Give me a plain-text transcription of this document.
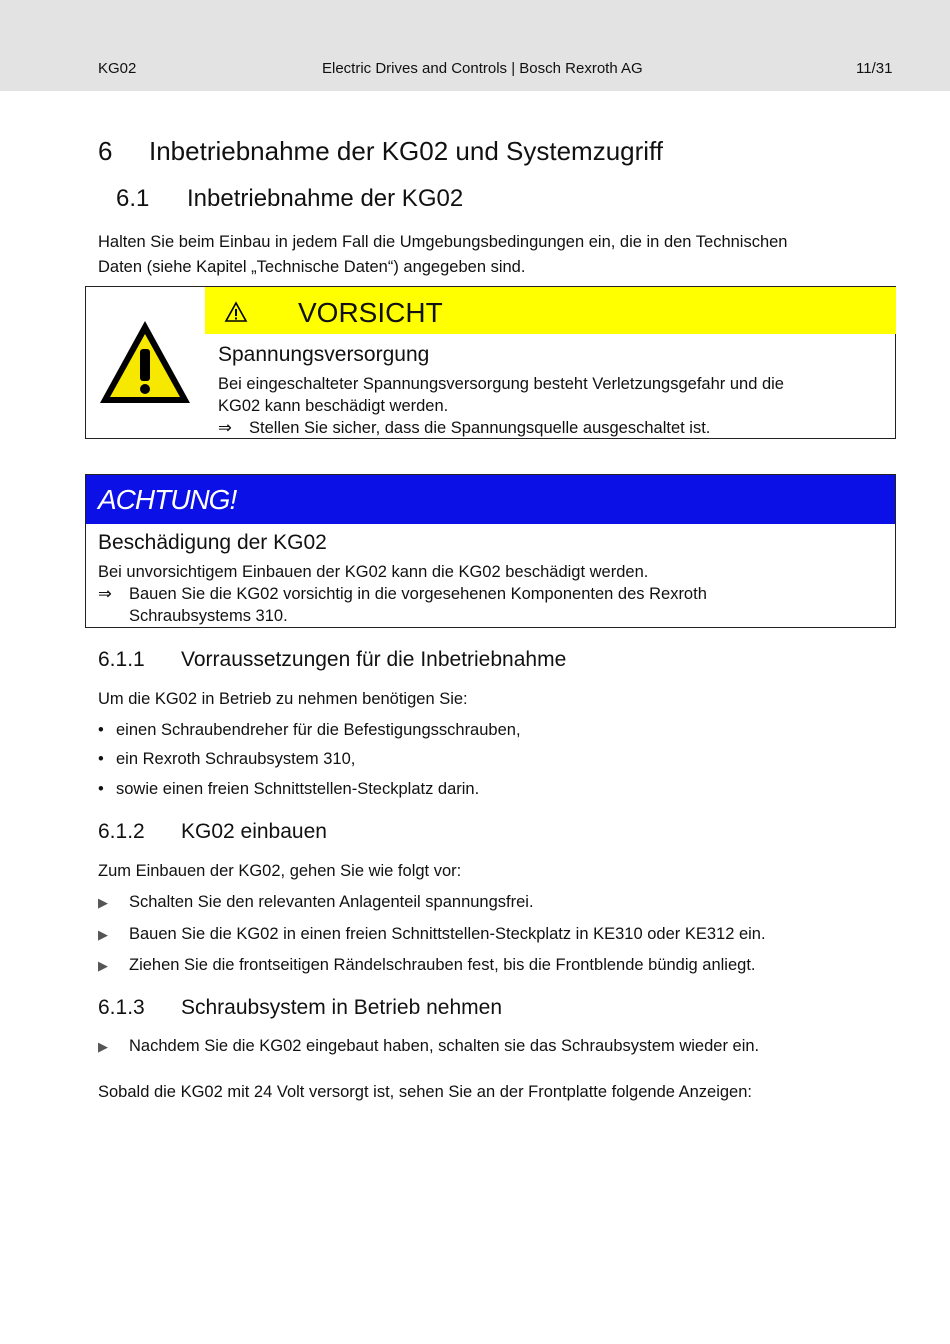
KG02	Electric Drives and Controls | Bosch Rexroth AG	11/31
6 Inbetriebnahme der KG02 und Systemzugriff
6.1 Inbetriebnahme der KG02
Halten Sie beim Einbau in jedem Fall die Umgebungsbedingungen ein, die in den Technischen
Daten (siehe Kapitel „Technische Daten“) angegeben sind.
VORSICHT
Spannungsversorgung
Bei eingeschalteter Spannungsversorgung besteht Verletzungsgefahr und die
KG02 kann beschädigt werden.
⇒ Stellen Sie sicher, dass die Spannungsquelle ausgeschaltet ist.
ACHTUNG!
Beschädigung der KG02
Bei unvorsichtigem Einbauen der KG02 kann die KG02 beschädigt werden.
⇒ Bauen Sie die KG02 vorsichtig in die vorgesehenen Komponenten des Rexroth
Schraubsystems 310.
6.1.1 Vorraussetzungen für die Inbetriebnahme
Um die KG02 in Betrieb zu nehmen benötigen Sie:
• einen Schraubendreher für die Befestigungsschrauben,
• ein Rexroth Schraubsystem 310,
• sowie einen freien Schnittstellen-Steckplatz darin.
6.1.2 KG02 einbauen
Zum Einbauen der KG02, gehen Sie wie folgt vor:
▶ Schalten Sie den relevanten Anlagenteil spannungsfrei.
▶ Bauen Sie die KG02 in einen freien Schnittstellen-Steckplatz in KE310 oder KE312 ein.
▶ Ziehen Sie die frontseitigen Rändelschrauben fest, bis die Frontblende bündig anliegt.
6.1.3 Schraubsystem in Betrieb nehmen
▶ Nachdem Sie die KG02 eingebaut haben, schalten sie das Schraubsystem wieder ein.
Sobald die KG02 mit 24 Volt versorgt ist, sehen Sie an der Frontplatte folgende Anzeigen:
